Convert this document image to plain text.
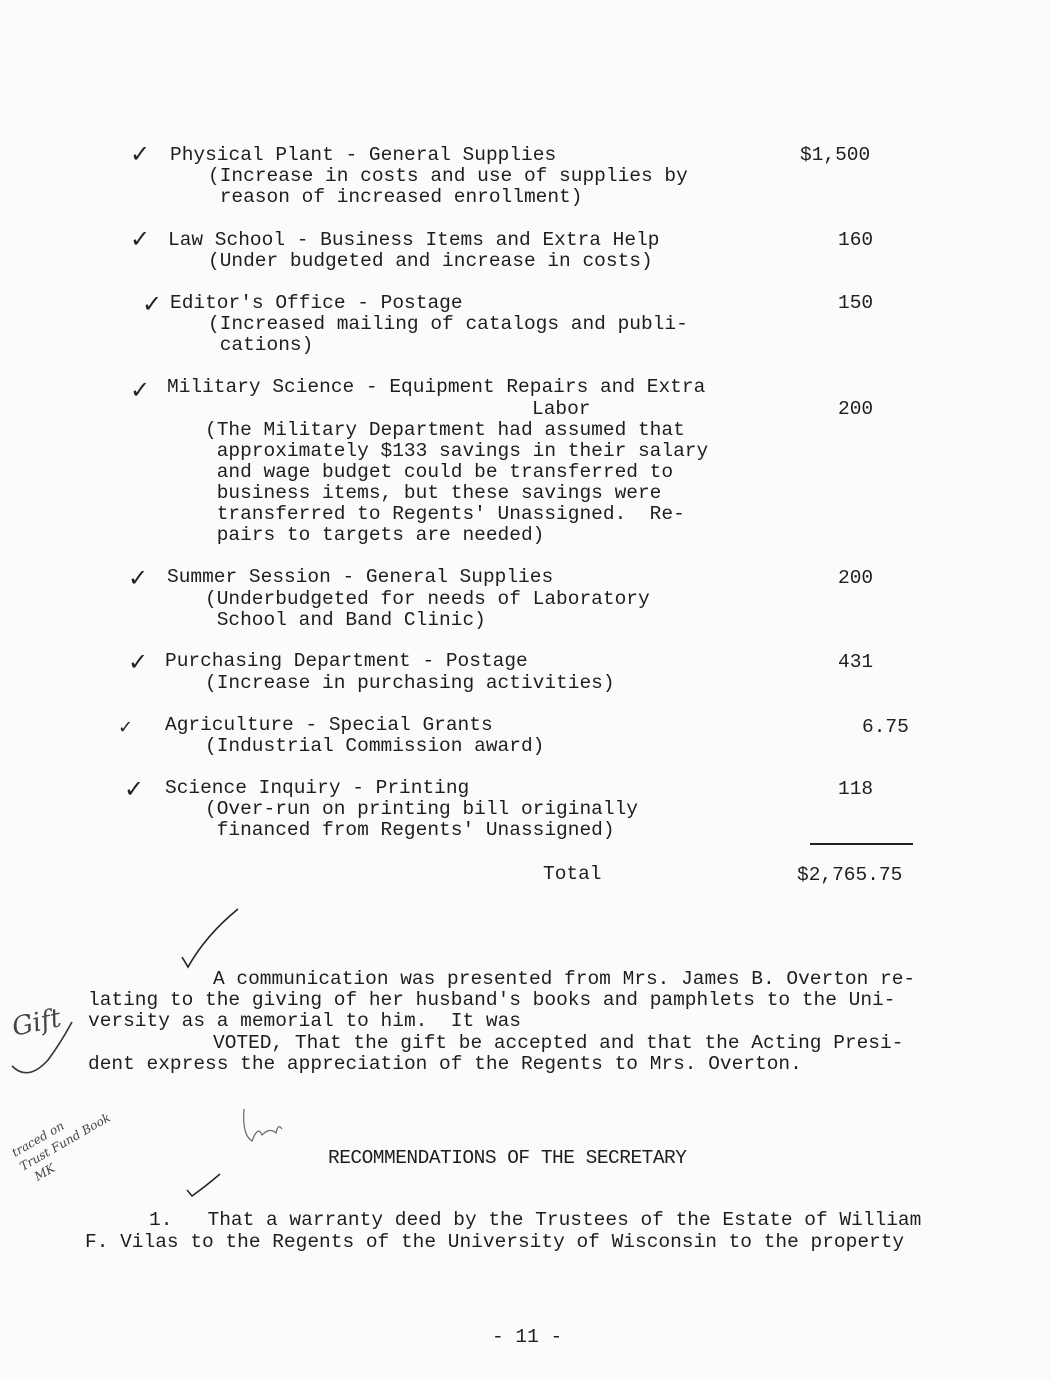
✓ Physical Plant - General Supplies	$1,500
(Increase in costs and use of supplies by
reason of increased enrollment)
✓ Law School - Business Items and Extra Help	160
(Under budgeted and increase in costs)
✓ Editor's Office - Postage	150
(Increased mailing of catalogs and publi-
cations)
✓ Military Science - Equipment Repairs and Extra
Labor	200
(The Military Department had assumed that
approximately $133 savings in their salary
and wage budget could be transferred to
business items, but these savings were
transferred to Regents' Unassigned.  Re-
pairs to targets are needed)
✓ Summer Session - General Supplies	200
(Underbudgeted for needs of Laboratory
School and Band Clinic)
✓ Purchasing Department - Postage	431
(Increase in purchasing activities)
✓ Agriculture - Special Grants	6.75
(Industrial Commission award)
✓ Science Inquiry - Printing	118
(Over-run on printing bill originally
financed from Regents' Unassigned)
Total	$2,765.75
A communication was presented from Mrs. James B. Overton re-
lating to the giving of her husband's books and pamphlets to the Uni-
versity as a memorial to him.  It was
VOTED, That the gift be accepted and that the Acting Presi-
dent express the appreciation of the Regents to Mrs. Overton.
Gift
traced on
Trust Fund Book
MK
RECOMMENDATIONS OF THE SECRETARY
1.   That a warranty deed by the Trustees of the Estate of William
F. Vilas to the Regents of the University of Wisconsin to the property
- 11 -
